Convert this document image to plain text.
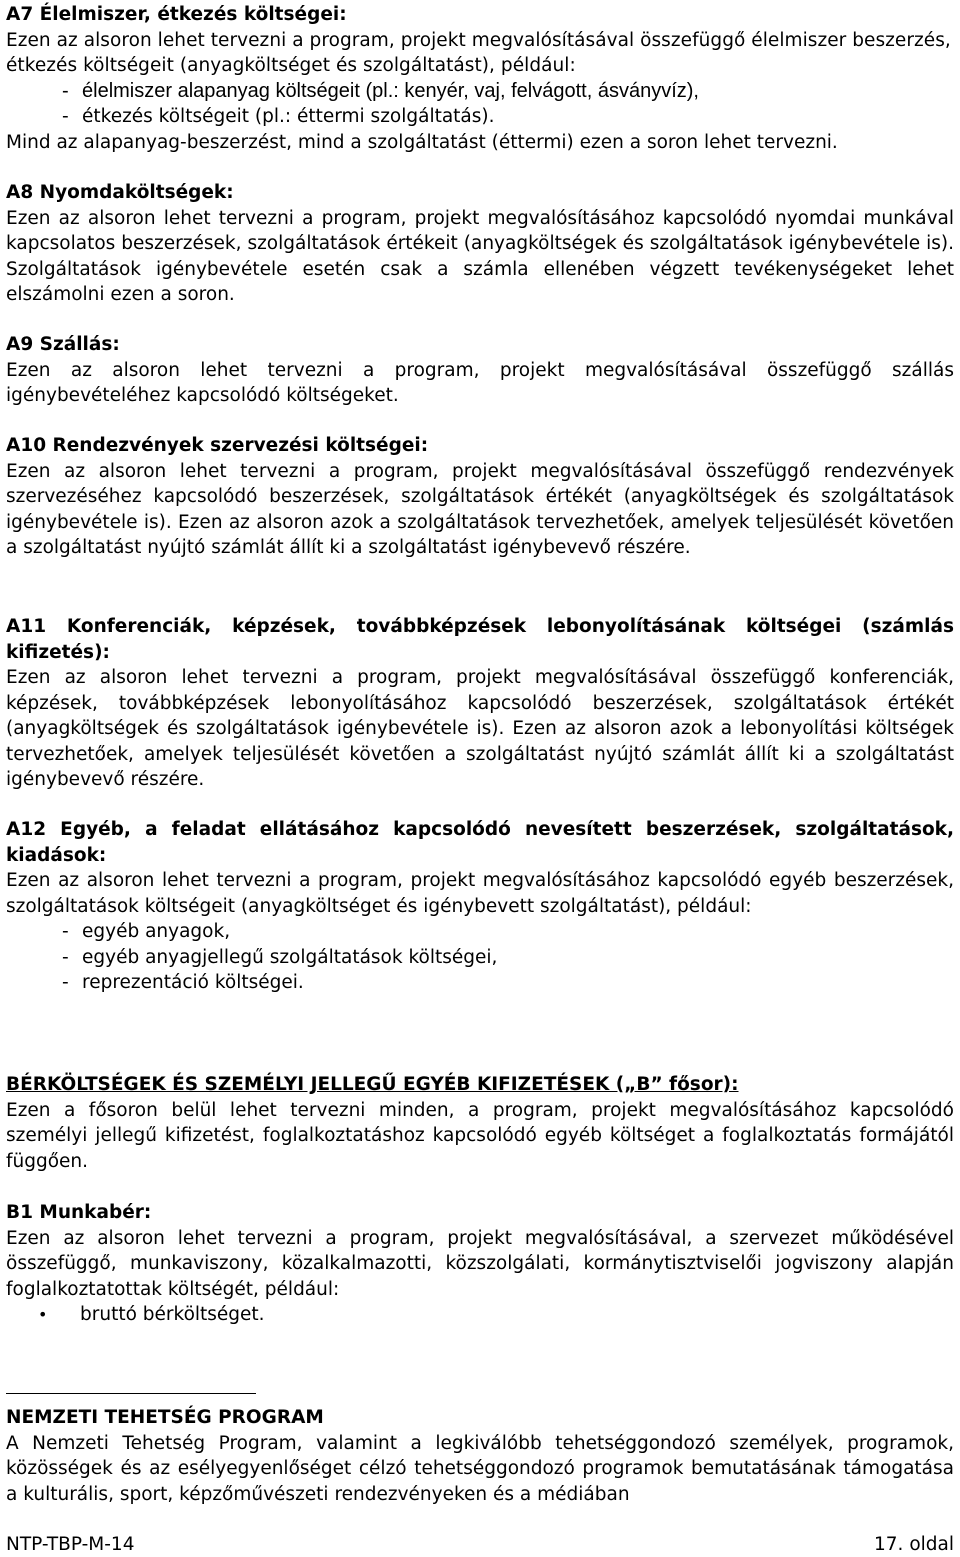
A7 Élelmiszer, étkezés költségei:
Ezen az alsoron lehet tervezni a program, projekt megvalósításával összefüggő élelmiszer beszerzés, étkezés költségeit (anyagköltséget és szolgáltatást), például:
- élelmiszer alapanyag költségeit (pl.: kenyér, vaj, felvágott, ásványvíz),
- étkezés költségeit (pl.: éttermi szolgáltatás).
Mind az alapanyag-beszerzést, mind a szolgáltatást (éttermi) ezen a soron lehet tervezni.
A8 Nyomdaköltségek:
Ezen az alsoron lehet tervezni a program, projekt megvalósításához kapcsolódó nyomdai munkával kapcsolatos beszerzések, szolgáltatások értékeit (anyagköltségek és szolgáltatások igénybevétele is). Szolgáltatások igénybevétele esetén csak a számla ellenében végzett tevékenységeket lehet elszámolni ezen a soron.
A9 Szállás:
Ezen az alsoron lehet tervezni a program, projekt megvalósításával összefüggő szállás igénybevételéhez kapcsolódó költségeket.
A10 Rendezvények szervezési költségei:
Ezen az alsoron lehet tervezni a program, projekt megvalósításával összefüggő rendezvények szervezéséhez kapcsolódó beszerzések, szolgáltatások értékét (anyagköltségek és szolgáltatások igénybevétele is). Ezen az alsoron azok a szolgáltatások tervezhetőek, amelyek teljesülését követően a szolgáltatást nyújtó számlát állít ki a szolgáltatást igénybevevő részére.
A11 Konferenciák, képzések, továbbképzések lebonyolításának költségei (számlás kifizetés):
Ezen az alsoron lehet tervezni a program, projekt megvalósításával összefüggő konferenciák, képzések, továbbképzések lebonyolításához kapcsolódó beszerzések, szolgáltatások értékét (anyagköltségek és szolgáltatások igénybevétele is). Ezen az alsoron azok a lebonyolítási költségek tervezhetőek, amelyek teljesülését követően a szolgáltatást nyújtó számlát állít ki a szolgáltatást igénybevevő részére.
A12 Egyéb, a feladat ellátásához kapcsolódó nevesített beszerzések, szolgáltatások, kiadások:
Ezen az alsoron lehet tervezni a program, projekt megvalósításához kapcsolódó egyéb beszerzések, szolgáltatások költségeit (anyagköltséget és igénybevett szolgáltatást), például:
- egyéb anyagok,
- egyéb anyagjellegű szolgáltatások költségei,
- reprezentáció költségei.
BÉRKÖLTSÉGEK ÉS SZEMÉLYI JELLEGŰ EGYÉB KIFIZETÉSEK („B” fősor):
Ezen a fősoron belül lehet tervezni minden, a program, projekt megvalósításához kapcsolódó személyi jellegű kifizetést, foglalkoztatáshoz kapcsolódó egyéb költséget a foglalkoztatás formájától függően.
B1 Munkabér:
Ezen az alsoron lehet tervezni a program, projekt megvalósításával, a szervezet működésével összefüggő, munkaviszony, közalkalmazotti, közszolgálati, kormánytisztviselői jogviszony alapján foglalkoztatottak költségét, például:
• bruttó bérköltséget.
NEMZETI TEHETSÉG PROGRAM
A Nemzeti Tehetség Program, valamint a legkiválóbb tehetséggondozó személyek, programok, közösségek és az esélyegyenlőséget célzó tehetséggondozó programok bemutatásának támogatása a kulturális, sport, képzőművészeti rendezvényeken és a médiában
NTP-TBP-M-14	17. oldal
